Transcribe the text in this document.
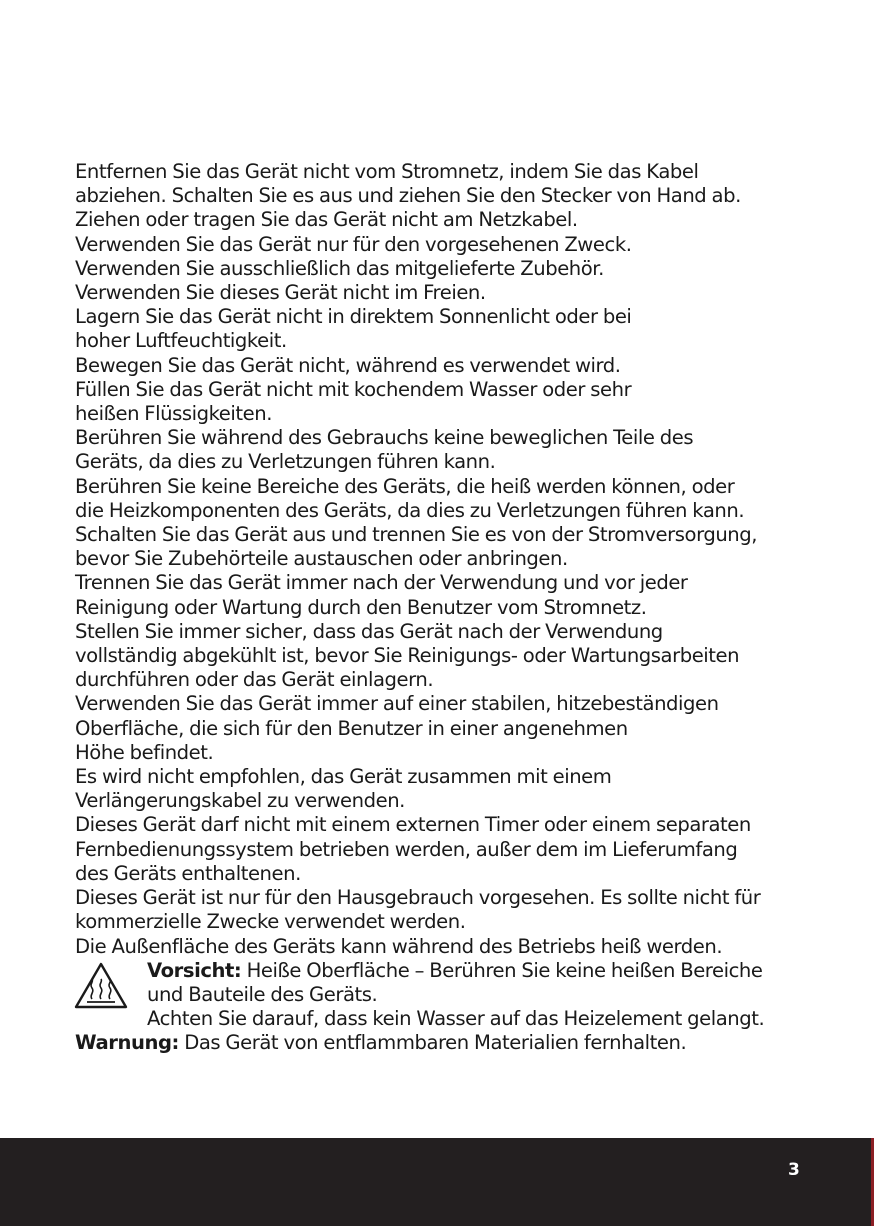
Entfernen Sie das Gerät nicht vom Stromnetz, indem Sie das Kabel
abziehen. Schalten Sie es aus und ziehen Sie den Stecker von Hand ab.
Ziehen oder tragen Sie das Gerät nicht am Netzkabel.
Verwenden Sie das Gerät nur für den vorgesehenen Zweck.
Verwenden Sie ausschließlich das mitgelieferte Zubehör.
Verwenden Sie dieses Gerät nicht im Freien.
Lagern Sie das Gerät nicht in direktem Sonnenlicht oder bei
hoher Luftfeuchtigkeit.
Bewegen Sie das Gerät nicht, während es verwendet wird.
Füllen Sie das Gerät nicht mit kochendem Wasser oder sehr
heißen Flüssigkeiten.
Berühren Sie während des Gebrauchs keine beweglichen Teile des
Geräts, da dies zu Verletzungen führen kann.
Berühren Sie keine Bereiche des Geräts, die heiß werden können, oder
die Heizkomponenten des Geräts, da dies zu Verletzungen führen kann.
Schalten Sie das Gerät aus und trennen Sie es von der Stromversorgung,
bevor Sie Zubehörteile austauschen oder anbringen.
Trennen Sie das Gerät immer nach der Verwendung und vor jeder
Reinigung oder Wartung durch den Benutzer vom Stromnetz.
Stellen Sie immer sicher, dass das Gerät nach der Verwendung
vollständig abgekühlt ist, bevor Sie Reinigungs- oder Wartungsarbeiten
durchführen oder das Gerät einlagern.
Verwenden Sie das Gerät immer auf einer stabilen, hitzebeständigen
Oberfläche, die sich für den Benutzer in einer angenehmen
Höhe befindet.
Es wird nicht empfohlen, das Gerät zusammen mit einem
Verlängerungskabel zu verwenden.
Dieses Gerät darf nicht mit einem externen Timer oder einem separaten
Fernbedienungssystem betrieben werden, außer dem im Lieferumfang
des Geräts enthaltenen.
Dieses Gerät ist nur für den Hausgebrauch vorgesehen. Es sollte nicht für
kommerzielle Zwecke verwendet werden.
Die Außenfläche des Geräts kann während des Betriebs heiß werden.
Vorsicht: Heiße Oberfläche – Berühren Sie keine heißen Bereiche
und Bauteile des Geräts.
Achten Sie darauf, dass kein Wasser auf das Heizelement gelangt.
Warnung: Das Gerät von entflammbaren Materialien fernhalten.
3
